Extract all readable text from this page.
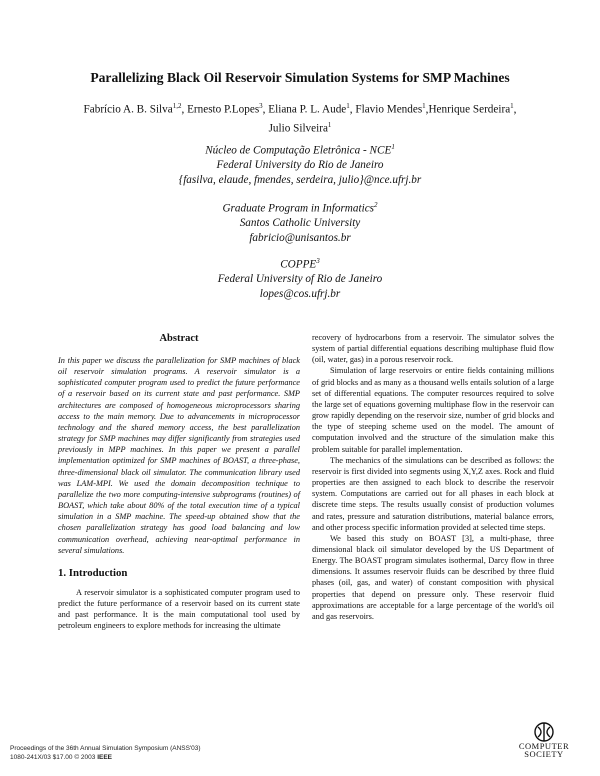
Parallelizing Black Oil Reservoir Simulation Systems for SMP Machines
Fabrício A. B. Silva$^{1,2}$, Ernesto P.Lopes$^3$, Eliana P. L. Aude$^1$, Flavio Mendes$^1$,Henrique Serdeira$^1$,
Julio Silveira$^1$
Núcleo de Computação Eletrônica - NCE$^1$
Federal University do Rio de Janeiro
{fasilva, elaude, fmendes, serdeira, julio}@nce.ufrj.br
Graduate Program in Informatics$^2$
Santos Catholic University
fabricio@unisantos.br
COPPE$^3$
Federal University of Rio de Janeiro
lopes@cos.ufrj.br
Abstract

In this paper we discuss the parallelization for SMP machines of black oil reservoir simulation programs. A reservoir simulator is a sophisticated computer program used to predict the future performance of a reservoir based on its current state and past performance. SMP architectures are composed of homogeneous microprocessors sharing access to the main memory. Due to advancements in microprocessor technology and the shared memory access, the best parallelization strategy for SMP machines may differ significantly from strategies used previously in MPP machines. In this paper we present a parallel implementation optimized for SMP machines of BOAST, a three-phase, three-dimensional black oil simulator. The communication library used was LAM-MPI. We used the domain decomposition technique to parallelize the two more computing-intensive subprograms (routines) of BOAST, which take about 80% of the total execution time of a typical simulation in a SMP machine. The speed-up obtained show that the chosen parallelization strategy has good load balancing and low communication overhead, achieving near-optimal performance in several simulations.

1. Introduction

A reservoir simulator is a sophisticated computer program used to predict the future performance of a reservoir based on its current state and past performance. It is the main computational tool used by petroleum engineers to explore methods for increasing the ultimate

recovery of hydrocarbons from a reservoir. The simulator solves the system of partial differential equations describing multiphase fluid flow (oil, water, gas) in a porous reservoir rock.

Simulation of large reservoirs or entire fields containing millions of grid blocks and as many as a thousand wells entails solution of a large set of differential equations. The computer resources required to solve the large set of equations governing multiphase flow in the reservoir can grow rapidly depending on the reservoir size, number of grid blocks and the type of steeping scheme used on the model. The amount of computation involved and the structure of the simulation make this problem suitable for parallel implementation.

The mechanics of the simulations can be described as follows: the reservoir is first divided into segments using X,Y,Z axes. Rock and fluid properties are then assigned to each block to describe the reservoir system. Computations are carried out for all phases in each block at discrete time steps. The results usually consist of production volumes and rates, pressure and saturation distributions, material balance errors, and other process specific information provided at selected time steps.

We based this study on BOAST [3], a multi-phase, three dimensional black oil simulator developed by the US Department of Energy. The BOAST program simulates isothermal, Darcy flow in three dimensions. It assumes reservoir fluids can be described by three fluid phases (oil, gas, and water) of constant composition with physical properties that depend on pressure only. These reservoir fluid approximations are acceptable for a large percentage of the world's oil and gas reservoirs.

Proceedings of the 36th Annual Simulation Symposium (ANSS'03)
1080-241X/03 $17.00 © 2003 IEEE
COMPUTER
SOCIETY
